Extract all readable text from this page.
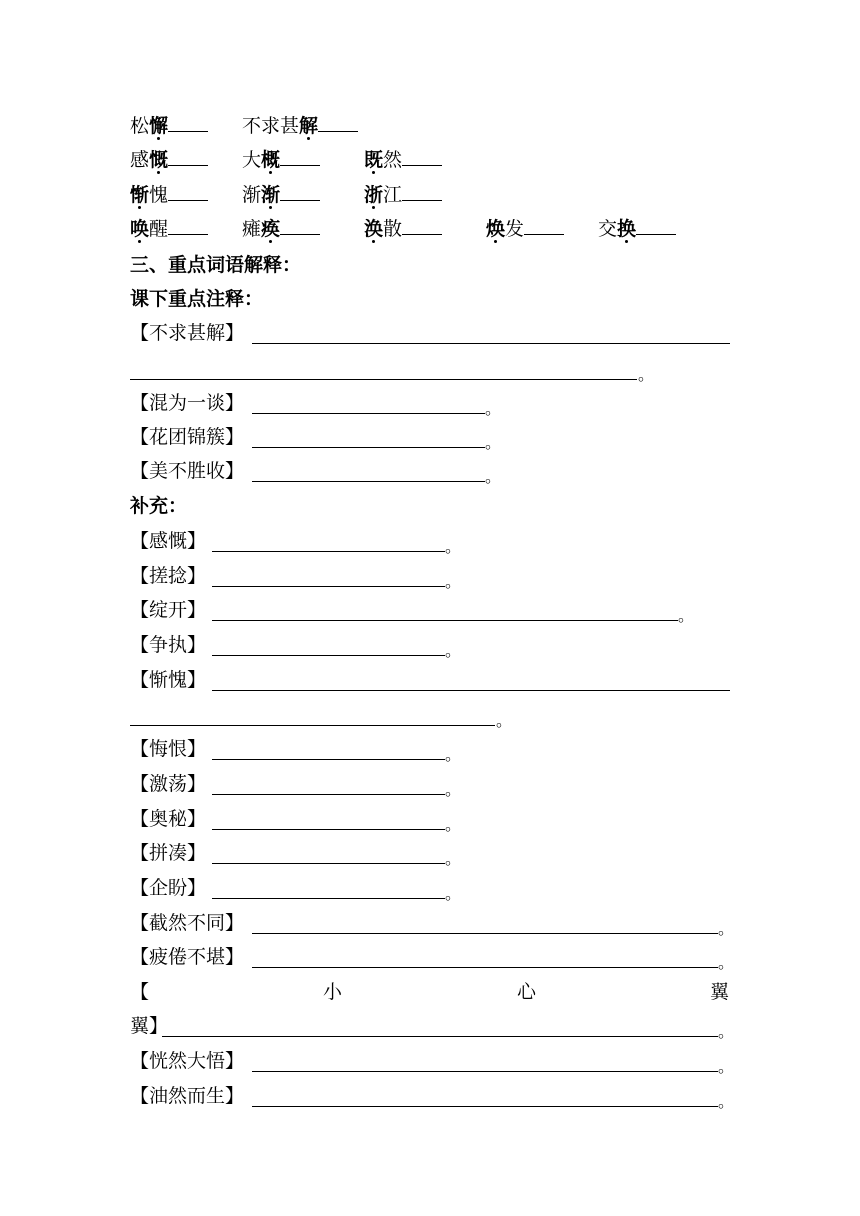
松懈	不求甚解
感慨	大概	既然
惭愧	渐渐	浙江
唤醒	瘫痪	涣散	焕发	交换
三、重点词语解释：
课下重点注释：
【不求甚解】
。
【混为一谈】	。
【花团锦簇】	。
【美不胜收】	。
补充：
【感慨】	。
【搓捻】	。
【绽开】	。
【争执】	。
【惭愧】
。
【悔恨】	。
【激荡】	。
【奥秘】	。
【拼凑】	。
【企盼】	。
【截然不同】	。
【疲倦不堪】	。
【	小	心	翼
翼】	。
【恍然大悟】	。
【油然而生】	。
